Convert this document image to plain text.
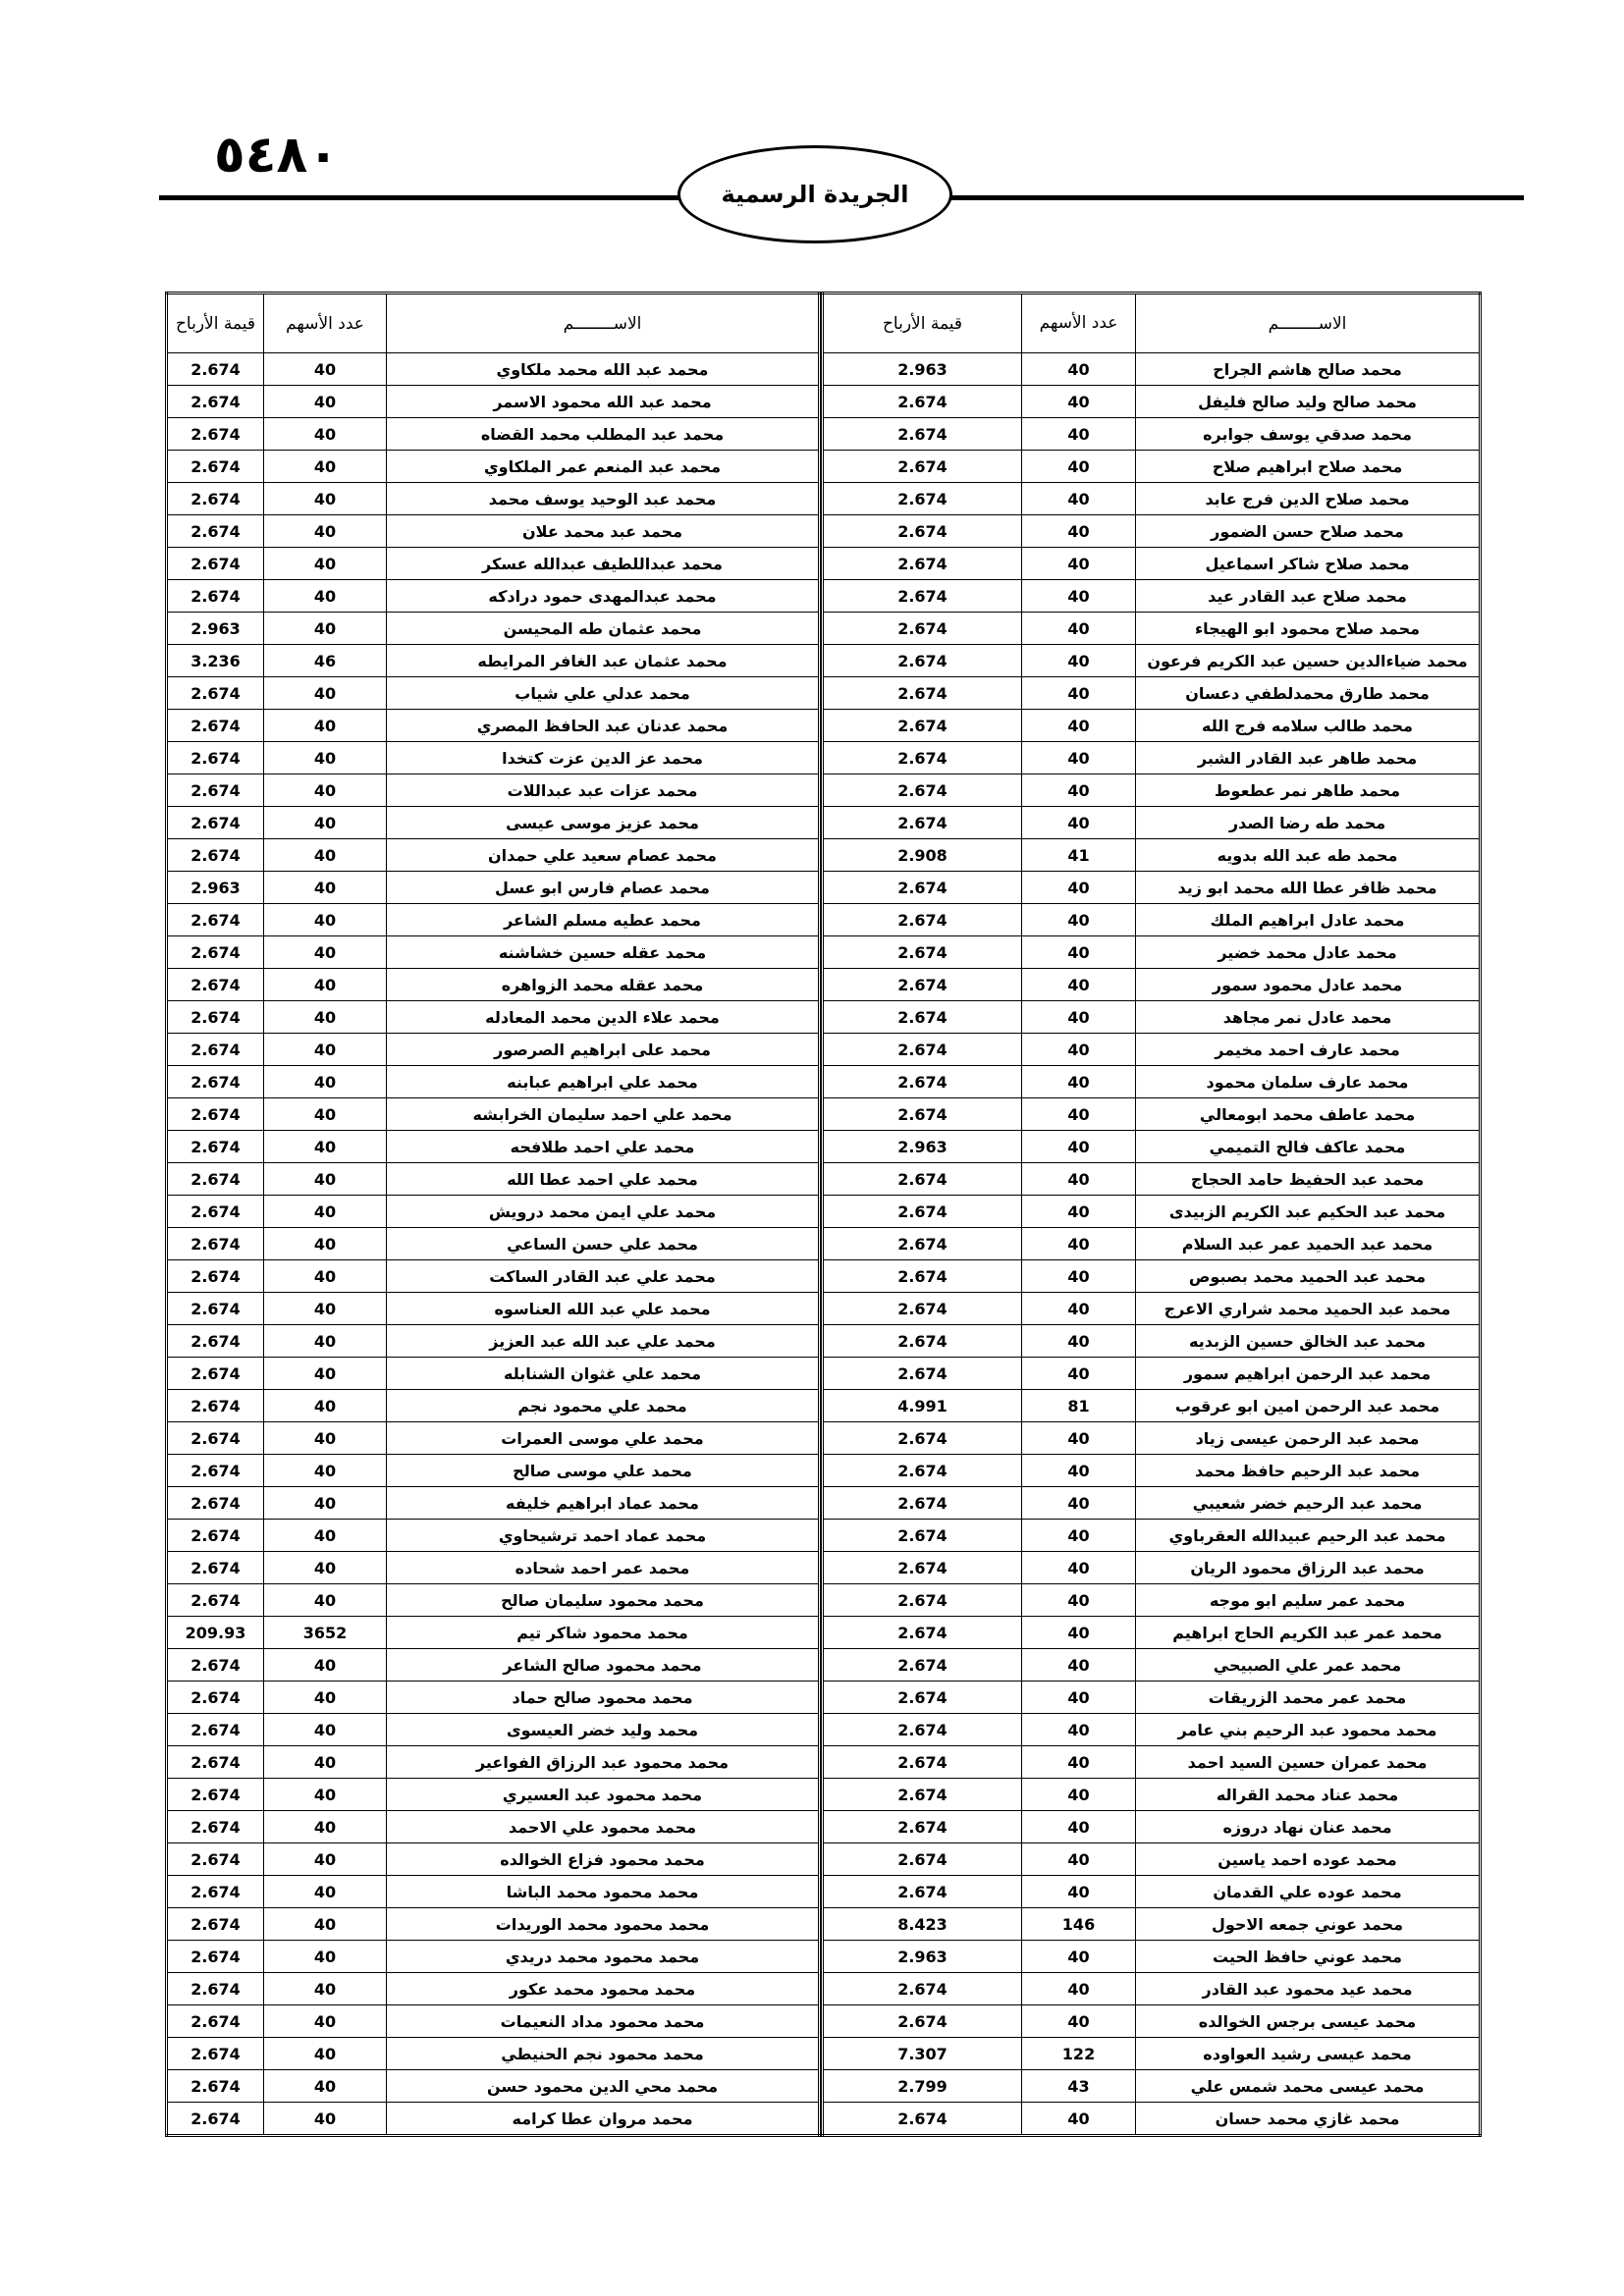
٥٤٨٠
الجريدة الرسمية
الاســــــــم	عدد الأسهم	قيمة الأرباح
محمد صالح هاشم الجراح	40	2.963
محمد صالح وليد صالح فليفل	40	2.674
محمد صدقي يوسف جوابره	40	2.674
محمد صلاح ابراهيم صلاح	40	2.674
محمد صلاح الدين فرج عابد	40	2.674
محمد صلاح حسن الضمور	40	2.674
محمد صلاح شاكر اسماعيل	40	2.674
محمد صلاح عبد القادر عيد	40	2.674
محمد صلاح محمود ابو الهيجاء	40	2.674
محمد ضياءالدين حسين عبد الكريم فرعون	40	2.674
محمد طارق محمدلطفي دعسان	40	2.674
محمد طالب سلامه فرج الله	40	2.674
محمد طاهر عبد القادر الشبر	40	2.674
محمد طاهر نمر عطعوط	40	2.674
محمد طه رضا الصدر	40	2.674
محمد طه عبد الله بدويه	41	2.908
محمد ظافر عطا الله محمد ابو زيد	40	2.674
محمد عادل ابراهيم الملك	40	2.674
محمد عادل محمد خضير	40	2.674
محمد عادل محمود سمور	40	2.674
محمد عادل نمر مجاهد	40	2.674
محمد عارف احمد مخيمر	40	2.674
محمد عارف سلمان محمود	40	2.674
محمد عاطف محمد ابومعالي	40	2.674
محمد عاكف فالح التميمي	40	2.963
محمد عبد الحفيظ حامد الحجاج	40	2.674
محمد عبد الحكيم عبد الكريم الزبيدى	40	2.674
محمد عبد الحميد عمر عبد السلام	40	2.674
محمد عبد الحميد محمد بصبوص	40	2.674
محمد عبد الحميد محمد شراري الاعرج	40	2.674
محمد عبد الخالق حسين الزبديه	40	2.674
محمد عبد الرحمن ابراهيم سمور	40	2.674
محمد عبد الرحمن امين ابو عرقوب	81	4.991
محمد عبد الرحمن عيسى زياد	40	2.674
محمد عبد الرحيم حافظ محمد	40	2.674
محمد عبد الرحيم خضر شعيبي	40	2.674
محمد عبد الرحيم عبيدالله العقرباوي	40	2.674
محمد عبد الرزاق محمود الريان	40	2.674
محمد عمر سليم ابو موجه	40	2.674
محمد عمر عبد الكريم الحاج ابراهيم	40	2.674
محمد عمر علي الصبيحي	40	2.674
محمد عمر محمد الزريقات	40	2.674
محمد محمود عبد الرحيم بني عامر	40	2.674
محمد عمران حسين السيد احمد	40	2.674
محمد عناد محمد القراله	40	2.674
محمد عنان نهاد دروزه	40	2.674
محمد عوده احمد ياسين	40	2.674
محمد عوده علي القدمان	40	2.674
محمد عوني جمعه الاحول	146	8.423
محمد عوني حافظ الحيت	40	2.963
محمد عيد محمود عبد القادر	40	2.674
محمد عيسى برجس الخوالده	40	2.674
محمد عيسى رشيد العواوده	122	7.307
محمد عيسى محمد شمس علي	43	2.799
محمد غازي محمد حسان	40	2.674
الاســــــــم	عدد الأسهم	قيمة الأرباح
محمد عبد الله محمد ملكاوي	40	2.674
محمد عبد الله محمود الاسمر	40	2.674
محمد عبد المطلب محمد القضاه	40	2.674
محمد عبد المنعم عمر الملكاوي	40	2.674
محمد عبد الوحيد يوسف محمد	40	2.674
محمد عبد محمد علان	40	2.674
محمد عبداللطيف عبدالله عسكر	40	2.674
محمد عبدالمهدى حمود درادكه	40	2.674
محمد عثمان طه المحيسن	40	2.963
محمد عثمان عبد الغافر المرايطه	46	3.236
محمد عدلي علي شياب	40	2.674
محمد عدنان عبد الحافظ المصري	40	2.674
محمد عز الدين عزت كتخدا	40	2.674
محمد عزات عبد عبداللات	40	2.674
محمد عزيز موسى عيسى	40	2.674
محمد عصام سعيد علي حمدان	40	2.674
محمد عصام فارس ابو عسل	40	2.963
محمد عطيه مسلم الشاعر	40	2.674
محمد عقله حسين خشاشنه	40	2.674
محمد عقله محمد الزواهره	40	2.674
محمد علاء الدين محمد المعادله	40	2.674
محمد على ابراهيم الصرصور	40	2.674
محمد علي ابراهيم عبابنه	40	2.674
محمد علي احمد سليمان الخرابشه	40	2.674
محمد علي احمد طلافحه	40	2.674
محمد علي احمد عطا الله	40	2.674
محمد علي ايمن محمد درويش	40	2.674
محمد علي حسن الساعي	40	2.674
محمد علي عبد القادر الساكت	40	2.674
محمد علي عبد الله العناسوه	40	2.674
محمد علي عبد الله عبد العزيز	40	2.674
محمد علي غثوان الشنابله	40	2.674
محمد علي محمود نجم	40	2.674
محمد علي موسى العمرات	40	2.674
محمد علي موسى صالح	40	2.674
محمد عماد ابراهيم خليفه	40	2.674
محمد عماد احمد ترشيحاوي	40	2.674
محمد عمر احمد شحاده	40	2.674
محمد محمود سليمان صالح	40	2.674
محمد محمود شاكر تيم	3652	209.93
محمد محمود صالح الشاعر	40	2.674
محمد محمود صالح حماد	40	2.674
محمد وليد خضر العيسوى	40	2.674
محمد محمود عبد الرزاق الفواعير	40	2.674
محمد محمود عبد العسيري	40	2.674
محمد محمود علي الاحمد	40	2.674
محمد محمود فزاع الخوالده	40	2.674
محمد محمود محمد الباشا	40	2.674
محمد محمود محمد الوريدات	40	2.674
محمد محمود محمد دريدي	40	2.674
محمد محمود محمد عكور	40	2.674
محمد محمود مداد النعيمات	40	2.674
محمد محمود نجم الحنيطي	40	2.674
محمد محي الدين محمود حسن	40	2.674
محمد مروان عطا كرامه	40	2.674
